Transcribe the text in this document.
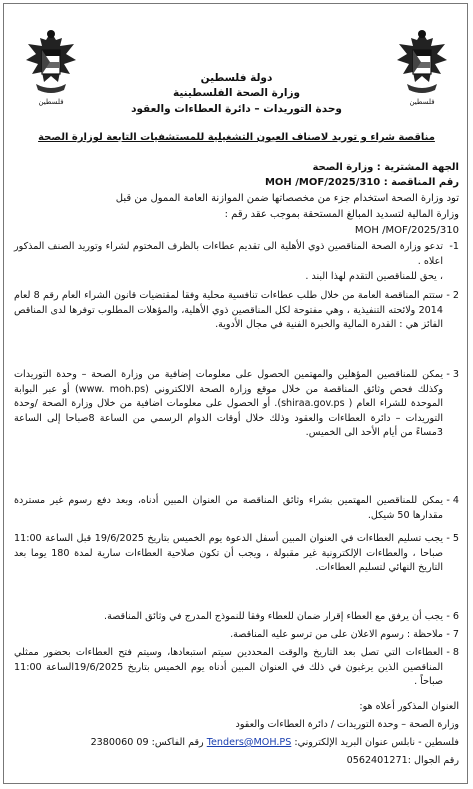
فلسطين	فلسطين
دولة فلسطين
وزارة الصحة الفلسطينية
وحدة التوريدات – دائرة العطاءات والعقود
مناقصة شراء و توريد لاصناف العيون التشغيلية للمستشفيات التابعة لوزارة الصحة
الجهة المشترية : وزارة الصحة
رقم المناقصة : MOH /MOF/2025/310
تود وزارة الصحة استخدام جزء من مخصصاتها ضمن الموازنة العامة الممول من قبل
وزارة المالية لتسديد المبالغ المستحقة بموجب عقد رقم :
MOH /MOF/2025/310
1-
تدعو وزارة الصحة المناقصين ذوي الأهلية الى تقديم عطاءات بالظرف المختوم لشراء وتوريد الصنف المذكور اعلاه .
، يحق للمناقصين التقدم لهذا البند .
2 -
ستتم المناقصة العامة من خلال طلب عطاءات تنافسية محلية وفقا لمقتضيات قانون الشراء العام رقم 8 لعام 2014 ولائحته التنفيذية ، وهي مفتوحة لكل المناقصين ذوي الأهلية، والمؤهلات المطلوب توفرها لدى المناقص الفائز هي : القدرة المالية والخبرة الفنية في مجال الأدوية.
3 -
يمكن للمناقصين المؤهلين والمهتمين الحصول على معلومات إضافية من وزارة الصحة – وحدة التوريدات وكذلك فحص وثائق المناقصة من خلال موقع وزارة الصحة الالكتروني (www. moh.ps) أو عبر البوابة الموحدة للشراء العام ( shiraa.gov.ps). أو الحصول على معلومات اضافية من خلال وزارة الصحة /وحدة التوريدات – دائرة العطاءات والعقود وذلك خلال أوقات الدوام الرسمي من الساعة 8صباحا إلى الساعة 3مساءً من أيام الأحد الى الخميس.
4 -
يمكن للمناقصين المهتمين بشراء وثائق المناقصة من العنوان المبين أدناه، وبعد دفع رسوم غير مستردة مقدارها 50 شيكل.
5 -
يجب تسليم العطاءات في العنوان المبين أسفل الدعوة يوم الخميس بتاريخ 19/6/2025 قبل الساعة 11:00 صباحا ، والعطاءات الإلكترونية غير مقبولة ، ويجب أن تكون صلاحية العطاءات سارية لمدة 180 يوما بعد التاريخ النهائي لتسليم العطاءات.
6 -
يجب أن يرفق مع العطاء إقرار ضمان للعطاء وفقا للنموذج المدرج في وثائق المناقصة.
7 -
ملاحظة : رسوم الاعلان على من ترسو عليه المناقصة.
8 -
العطاءات التي تصل بعد التاريخ والوقت المحددين سيتم استبعادها، وسيتم فتح العطاءات بحضور ممثلي المناقصين الذين يرغبون في ذلك في العنوان المبين أدناه يوم الخميس بتاريخ 19/6/2025الساعة 11:00 صباحاً .
العنوان المذكور أعلاه هو:
وزارة الصحة – وحدة التوريدات / دائرة العطاءات والعقود
فلسطين - نابلس عنوان البريد الإلكتروني: Tenders@MOH.PS رقم الفاكس: 09 2380060
رقم الجوال :0562401271
